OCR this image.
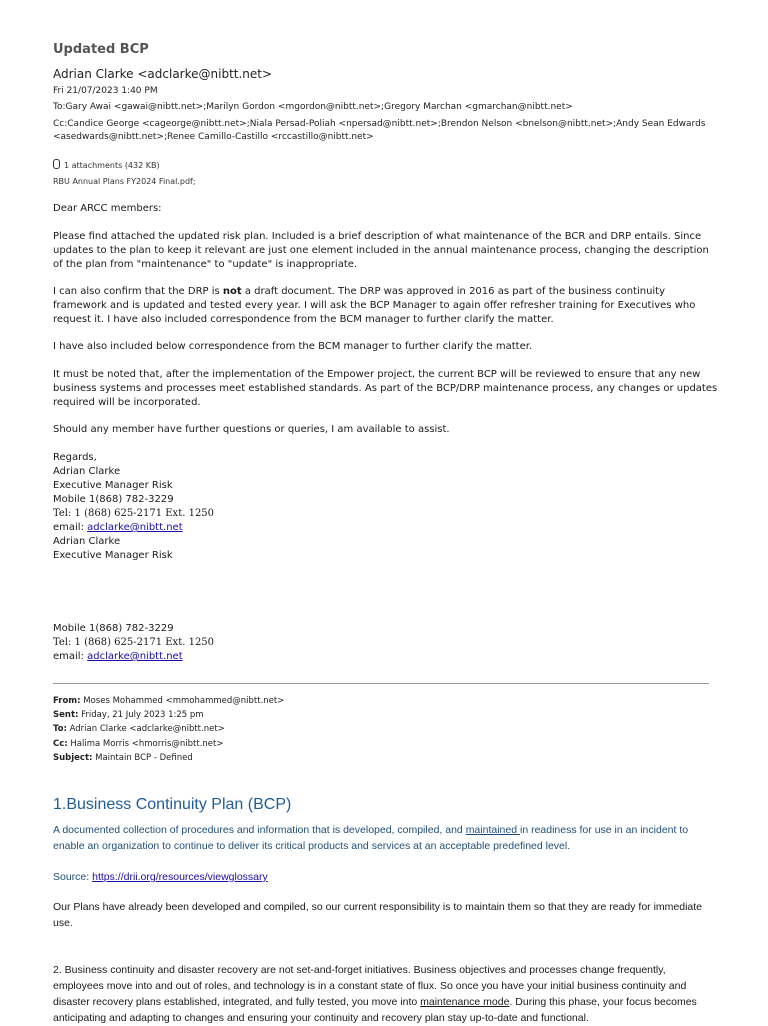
Updated BCP
Adrian Clarke <adclarke@nibtt.net>
Fri 21/07/2023 1:40 PM
To:Gary Awai <gawai@nibtt.net>;Marilyn Gordon <mgordon@nibtt.net>;Gregory Marchan <gmarchan@nibtt.net>
Cc:Candice George <cageorge@nibtt.net>;Niala Persad-Poliah <npersad@nibtt.net>;Brendon Nelson <bnelson@nibtt.net>;Andy Sean Edwards
<asedwards@nibtt.net>;Renee Camillo-Castillo <rccastillo@nibtt.net>
1 attachments (432 KB)
RBU Annual Plans FY2024 Final.pdf;
Dear ARCC members:
Please find attached the updated risk plan. Included is a brief description of what maintenance of the BCR and DRP entails. Since updates to the plan to keep it relevant are just one element included in the annual maintenance process, changing the description of the plan from "maintenance" to "update" is inappropriate.
I can also confirm that the DRP is not a draft document. The DRP was approved in 2016 as part of the business continuity framework and is updated and tested every year. I will ask the BCP Manager to again offer refresher training for Executives who request it. I have also included correspondence from the BCM manager to further clarify the matter.
I have also included below correspondence from the BCM manager to further clarify the matter.
It must be noted that, after the implementation of the Empower project, the current BCP will be reviewed to ensure that any new business systems and processes meet established standards. As part of the BCP/DRP maintenance process, any changes or updates required will be incorporated.
Should any member have further questions or queries, I am available to assist.
Regards,
Adrian Clarke
Executive Manager Risk
Mobile 1(868) 782-3229
Tel: 1 (868) 625-2171 Ext. 1250
email: adclarke@nibtt.net
Adrian Clarke
Executive Manager Risk
Mobile 1(868) 782-3229
Tel: 1 (868) 625-2171 Ext. 1250
email: adclarke@nibtt.net
From: Moses Mohammed <mmohammed@nibtt.net>
Sent: Friday, 21 July 2023 1:25 pm
To: Adrian Clarke <adclarke@nibtt.net>
Cc: Halima Morris <hmorris@nibtt.net>
Subject: Maintain BCP - Defined
1.Business Continuity Plan (BCP)
A documented collection of procedures and information that is developed, compiled, and maintained in readiness for use in an incident to enable an organization to continue to deliver its critical products and services at an acceptable predefined level.
Source: https://drii.org/resources/viewglossary
Our Plans have already been developed and compiled, so our current responsibility is to maintain them so that they are ready for immediate use.
2. Business continuity and disaster recovery are not set-and-forget initiatives. Business objectives and processes change frequently, employees move into and out of roles, and technology is in a constant state of flux. So once you have your initial business continuity and disaster recovery plans established, integrated, and fully tested, you move into maintenance mode. During this phase, your focus becomes anticipating and adapting to changes and ensuring your continuity and recovery plan stay up-to-date and functional.
